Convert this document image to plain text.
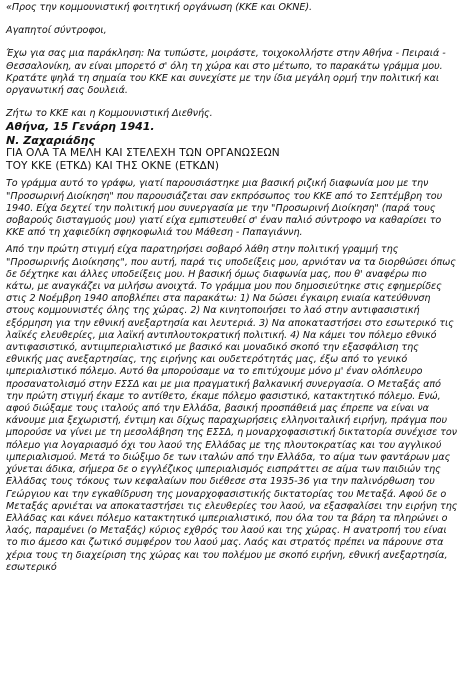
«Προς την κομμουνιστική φοιτητική οργάνωση (ΚΚΕ και ΟΚΝΕ).

Αγαπητοί σύντροφοι,

Έχω για σας μια παράκληση: Να τυπώστε, μοιράστε, τοιχοκολλήστε στην Αθήνα - Πειραιά - Θεσσαλονίκη, αν είναι μπορετό σ' όλη τη χώρα και στο μέτωπο, το παρακάτω γράμμα μου. Κρατάτε ψηλά τη σημαία του ΚΚΕ και συνεχίστε με την ίδια μεγάλη ορμή την πολιτική και οργανωτική σας δουλειά.

Ζήτω το ΚΚΕ και η Κομμουνιστική Διεθνής.

Αθήνα, 15 Γενάρη 1941.

Ν. Ζαχαριάδης

ΓΙΑ ΟΛΑ ΤΑ ΜΕΛΗ ΚΑΙ ΣΤΕΛΕΧΗ ΤΩΝ ΟΡΓΑΝΩΣΕΩΝ

ΤΟΥ ΚΚΕ (ΕΤΚΔ) ΚΑΙ ΤΗΣ ΟΚΝΕ (ΕΤΚΔΝ)

Το γράμμα αυτό το γράφω, γιατί παρουσιάστηκε μια βασική ριζική διαφωνία μου με την "Προσωρινή Διοίκηση" που παρουσιάζεται σαν εκπρόσωπος του ΚΚΕ από το Σεπτέμβρη του 1940. Είχα δεχτεί την πολιτική μου συνεργασία με την "Προσωρινή Διοίκηση" (παρά τους σοβαρούς δισταγμούς μου) γιατί είχα εμπιστευθεί σ' έναν παλιό σύντροφο να καθαρίσει το ΚΚΕ από τη χαφιεδίκη σφηκοφωλιά του Μάθεση - Παπαγιάννη.

Από την πρώτη στιγμή είχα παρατηρήσει σοβαρό λάθη στην πολιτική γραμμή της "Προσωρινής Διοίκησης", που αυτή, παρά τις υποδείξεις μου, αρνιόταν να τα διορθώσει όπως δε δέχτηκε και άλλες υποδείξεις μου. Η βασική όμως διαφωνία μας, που θ' αναφέρω πιο κάτω, με αναγκάζει να μιλήσω ανοιχτά. Το γράμμα μου που δημοσιεύτηκε στις εφημερίδες στις 2 Νοέμβρη 1940 αποβλέπει στα παρακάτω: 1) Να δώσει έγκαιρη ενιαία κατεύθυνση στους κομμουνιστές όλης της χώρας. 2) Να κινητοποιήσει το λαό στην αντιφασιστική εξόρμηση για την εθνική ανεξαρτησία και λευτεριά. 3) Να αποκαταστήσει στο εσωτερικό τις λαϊκές ελευθερίες, μια λαϊκή αντιπλουτοκρατική πολιτική. 4) Να κάμει τον πόλεμο εθνικό αντιφασιστικό, αντιιμπεριαλιστικό με βασικό και μοναδικό σκοπό την εξασφάλιση της εθνικής μας ανεξαρτησίας, της ειρήνης και ουδετερότητάς μας, έξω από το γενικό ιμπεριαλιστικό πόλεμο. Αυτό θα μπορούσαμε να το επιτύχουμε μόνο μ' έναν ολόπλευρο προσανατολισμό στην ΕΣΣΔ και με μια πραγματική βαλκανική συνεργασία. Ο Μεταξάς από την πρώτη στιγμή έκαμε το αντίθετο, έκαμε πόλεμο φασιστικό, κατακτητικό πόλεμο. Ενώ, αφού διώξαμε τους ιταλούς από την Ελλάδα, βασική προσπάθειά μας έπρεπε να είναι να κάνουμε μια ξεχωριστή, έντιμη και δίχως παραχωρήσεις ελληνοιταλική ειρήνη, πράγμα που μπορούσε να γίνει με τη μεσολάβηση της ΕΣΣΔ, η μοναρχοφασιστική δικτατορία συνέχισε τον πόλεμο για λογαριασμό όχι του λαού της Ελλάδας με της πλουτοκρατίας και του αγγλικού ιμπεριαλισμού. Μετά το διώξιμο δε των ιταλών από την Ελλάδα, το αίμα των φαντάρων μας χύνεται άδικα, σήμερα δε ο εγγλέζικος ιμπεριαλισμός εισπράττει σε αίμα των παιδιών της Ελλάδας τους τόκους των κεφαλαίων που διέθεσε στα 1935-36 για την παλινόρθωση του Γεώργιου και την εγκαθίδρυση της μοναρχοφασιστικής δικτατορίας του Μεταξά. Αφού δε ο Μεταξάς αρνιέται να αποκαταστήσει τις ελευθερίες του λαού, να εξασφαλίσει την ειρήνη της Ελλάδας και κάνει πόλεμο κατακτητικό ιμπεριαλιστικό, που όλα του τα βάρη τα πληρώνει ο λαός, παραμένει (ο Μεταξάς) κύριος εχθρός του λαού και της χώρας. Η ανατροπή του είναι το πιο άμεσο και ζωτικό συμφέρον του λαού μας. Λαός και στρατός πρέπει να πάρουνε στα χέρια τους τη διαχείριση της χώρας και του πολέμου με σκοπό ειρήνη, εθνική ανεξαρτησία, εσωτερικό
